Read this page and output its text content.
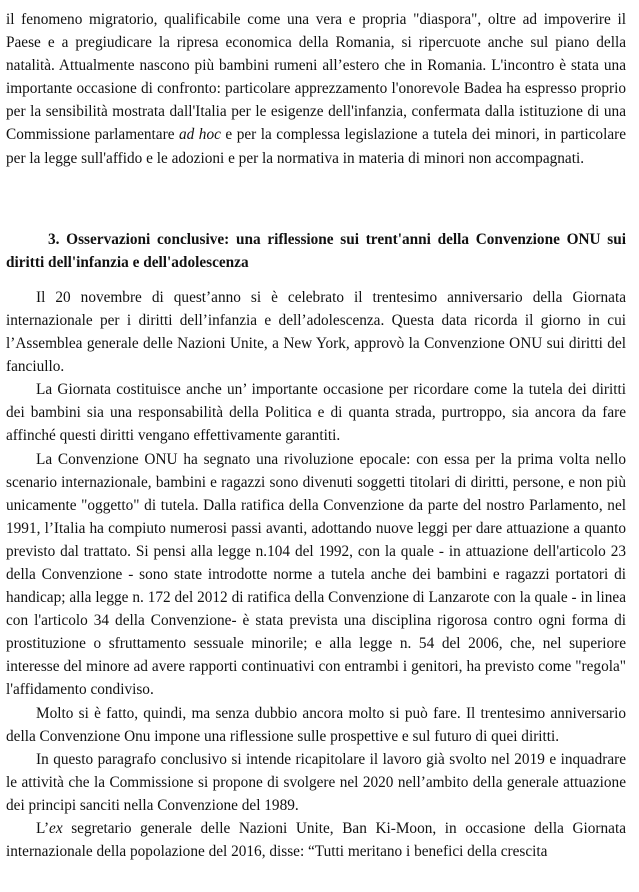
il fenomeno migratorio, qualificabile come una vera e propria "diaspora", oltre ad impoverire il Paese e a pregiudicare la ripresa economica della Romania, si ripercuote anche sul piano della natalità. Attualmente nascono più bambini rumeni all’estero che in Romania. L'incontro è stata una importante occasione di confronto: particolare apprezzamento l'onorevole Badea ha espresso proprio per la sensibilità mostrata dall'Italia per le esigenze dell'infanzia, confermata dalla istituzione di una Commissione parlamentare ad hoc e per la complessa legislazione a tutela dei minori, in particolare per la legge sull'affido e le adozioni e per la normativa in materia di minori non accompagnati.

3. Osservazioni conclusive: una riflessione sui trent'anni della Convenzione ONU sui diritti dell'infanzia e dell'adolescenza

Il 20 novembre di quest’anno si è celebrato il trentesimo anniversario della Giornata internazionale per i diritti dell’infanzia e dell’adolescenza. Questa data ricorda il giorno in cui l’Assemblea generale delle Nazioni Unite, a New York, approvò la Convenzione ONU sui diritti del fanciullo.

La Giornata costituisce anche un’ importante occasione per ricordare come la tutela dei diritti dei bambini sia una responsabilità della Politica e di quanta strada, purtroppo, sia ancora da fare affinché questi diritti vengano effettivamente garantiti.

La Convenzione ONU ha segnato una rivoluzione epocale: con essa per la prima volta nello scenario internazionale, bambini e ragazzi sono divenuti soggetti titolari di diritti, persone, e non più unicamente "oggetto" di tutela. Dalla ratifica della Convenzione da parte del nostro Parlamento, nel 1991, l’Italia ha compiuto numerosi passi avanti, adottando nuove leggi per dare attuazione a quanto previsto dal trattato. Si pensi alla legge n.104 del 1992, con la quale - in attuazione dell'articolo 23 della Convenzione - sono state introdotte norme a tutela anche dei bambini e ragazzi portatori di handicap; alla legge n. 172 del 2012 di ratifica della Convenzione di Lanzarote con la quale - in linea con l'articolo 34 della Convenzione- è stata prevista una disciplina rigorosa contro ogni forma di prostituzione o sfruttamento sessuale minorile; e alla legge n. 54 del 2006, che, nel superiore interesse del minore ad avere rapporti continuativi con entrambi i genitori, ha previsto come "regola" l'affidamento condiviso.

Molto si è fatto, quindi, ma senza dubbio ancora molto si può fare. Il trentesimo anniversario della Convenzione Onu impone una riflessione sulle prospettive e sul futuro di quei diritti.

In questo paragrafo conclusivo si intende ricapitolare il lavoro già svolto nel 2019 e inquadrare le attività che la Commissione si propone di svolgere nel 2020 nell’ambito della generale attuazione dei principi sanciti nella Convenzione del 1989.

L’ex segretario generale delle Nazioni Unite, Ban Ki-Moon, in occasione della Giornata internazionale della popolazione del 2016, disse: “Tutti meritano i benefici della crescita
